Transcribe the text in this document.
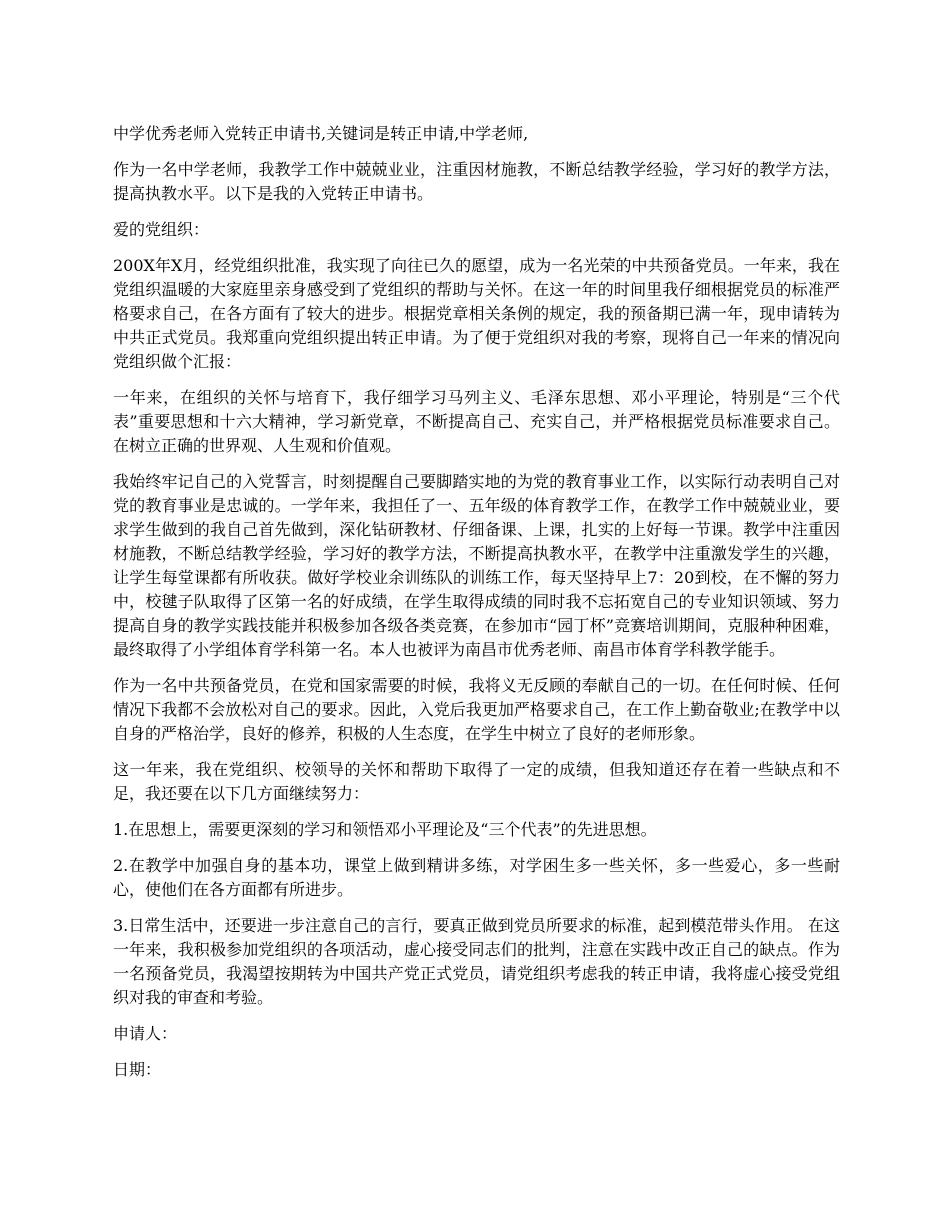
中学优秀老师入党转正申请书,关键词是转正申请,中学老师,

作为一名中学老师，我教学工作中兢兢业业，注重因材施教，不断总结教学经验，学习好的教学方法，提高执教水平。以下是我的入党转正申请书。

爱的党组织：

200X年X月，经党组织批准，我实现了向往已久的愿望，成为一名光荣的中共预备党员。一年来，我在党组织温暖的大家庭里亲身感受到了党组织的帮助与关怀。在这一年的时间里我仔细根据党员的标准严格要求自己，在各方面有了较大的进步。根据党章相关条例的规定，我的预备期已满一年，现申请转为中共正式党员。我郑重向党组织提出转正申请。为了便于党组织对我的考察，现将自己一年来的情况向党组织做个汇报：

一年来，在组织的关怀与培育下，我仔细学习马列主义、毛泽东思想、邓小平理论，特别是“三个代表”重要思想和十六大精神，学习新党章，不断提高自己、充实自己，并严格根据党员标准要求自己。在树立正确的世界观、人生观和价值观。

我始终牢记自己的入党誓言，时刻提醒自己要脚踏实地的为党的教育事业工作，以实际行动表明自己对党的教育事业是忠诚的。一学年来，我担任了一、五年级的体育教学工作，在教学工作中兢兢业业，要求学生做到的我自己首先做到，深化钻研教材、仔细备课、上课，扎实的上好每一节课。教学中注重因材施教，不断总结教学经验，学习好的教学方法，不断提高执教水平，在教学中注重激发学生的兴趣，让学生每堂课都有所收获。做好学校业余训练队的训练工作，每天坚持早上7：20到校，在不懈的努力中，校毽子队取得了区第一名的好成绩，在学生取得成绩的同时我不忘拓宽自己的专业知识领域、努力提高自身的教学实践技能并积极参加各级各类竞赛，在参加市“园丁杯”竞赛培训期间，克服种种困难，最终取得了小学组体育学科第一名。本人也被评为南昌市优秀老师、南昌市体育学科教学能手。

作为一名中共预备党员，在党和国家需要的时候，我将义无反顾的奉献自己的一切。在任何时候、任何情况下我都不会放松对自己的要求。因此，入党后我更加严格要求自己，在工作上勤奋敬业;在教学中以自身的严格治学，良好的修养，积极的人生态度，在学生中树立了良好的老师形象。

这一年来，我在党组织、校领导的关怀和帮助下取得了一定的成绩，但我知道还存在着一些缺点和不足，我还要在以下几方面继续努力：

1.在思想上，需要更深刻的学习和领悟邓小平理论及“三个代表”的先进思想。

2.在教学中加强自身的基本功，课堂上做到精讲多练，对学困生多一些关怀，多一些爱心，多一些耐心，使他们在各方面都有所进步。

3.日常生活中，还要进一步注意自己的言行，要真正做到党员所要求的标准，起到模范带头作用。 在这一年来，我积极参加党组织的各项活动，虚心接受同志们的批判，注意在实践中改正自己的缺点。作为一名预备党员，我渴望按期转为中国共产党正式党员，请党组织考虑我的转正申请，我将虚心接受党组织对我的审查和考验。

申请人：

日期：
